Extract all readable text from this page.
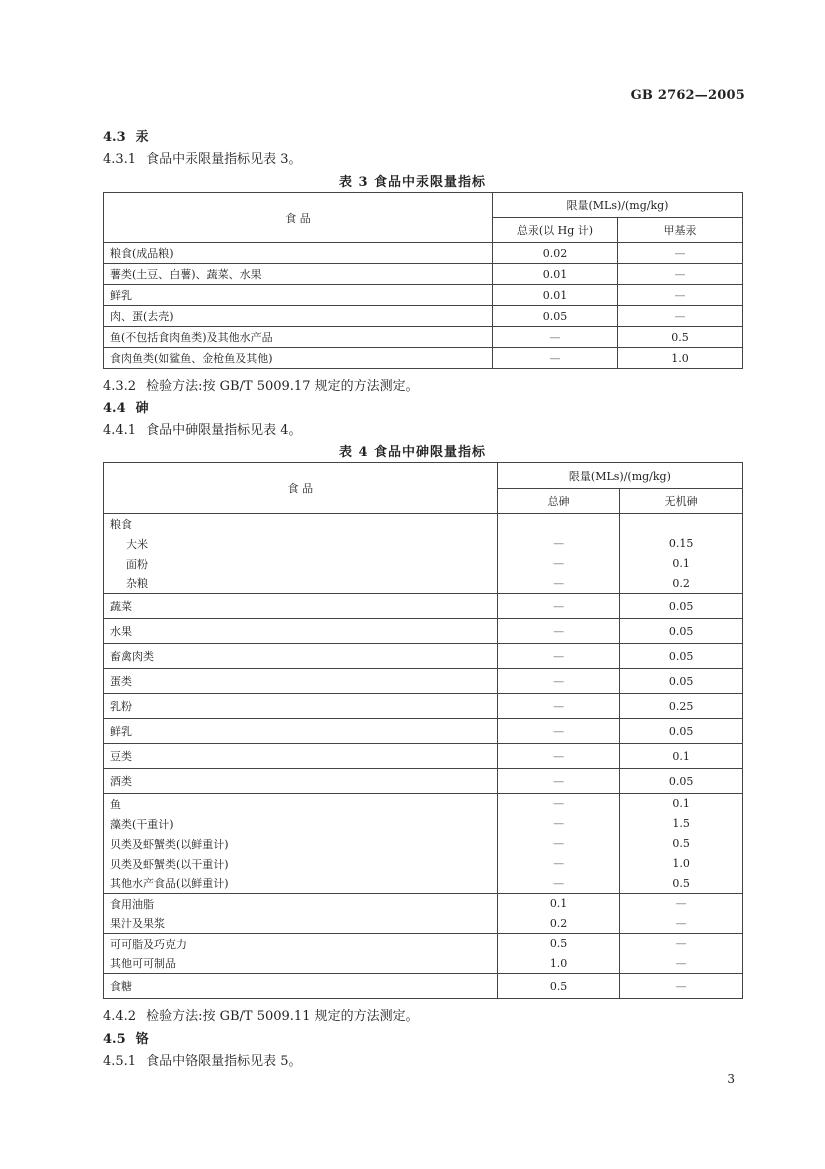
GB 2762—2005
4.3 汞
4.3.1 食品中汞限量指标见表 3。
表 3 食品中汞限量指标
食 品	限量(MLs)/(mg/kg)	
	总汞(以 Hg 计)	甲基汞
粮食(成品粮)	0.02	—
薯类(土豆、白薯)、蔬菜、水果	0.01	—
鲜乳	0.01	—
肉、蛋(去壳)	0.05	—
鱼(不包括食肉鱼类)及其他水产品	—	0.5
食肉鱼类(如鲨鱼、金枪鱼及其他)	—	1.0
4.3.2 检验方法:按 GB/T 5009.17 规定的方法测定。
4.4 砷
4.4.1 食品中砷限量指标见表 4。
表 4 食品中砷限量指标
食 品	限量(MLs)/(mg/kg)	
	总砷	无机砷
粮食		
大米	—	0.15
面粉	—	0.1
杂粮	—	0.2
蔬菜	—	0.05
水果	—	0.05
畜禽肉类	—	0.05
蛋类	—	0.05
乳粉	—	0.25
鲜乳	—	0.05
豆类	—	0.1
酒类	—	0.05
鱼	—	0.1
藻类(干重计)	—	1.5
贝类及虾蟹类(以鲜重计)	—	0.5
贝类及虾蟹类(以干重计)	—	1.0
其他水产食品(以鲜重计)	—	0.5
食用油脂	0.1	—
果汁及果浆	0.2	—
可可脂及巧克力	0.5	—
其他可可制品	1.0	—
食糖	0.5	—
4.4.2 检验方法:按 GB/T 5009.11 规定的方法测定。
4.5 铬
4.5.1 食品中铬限量指标见表 5。
3
